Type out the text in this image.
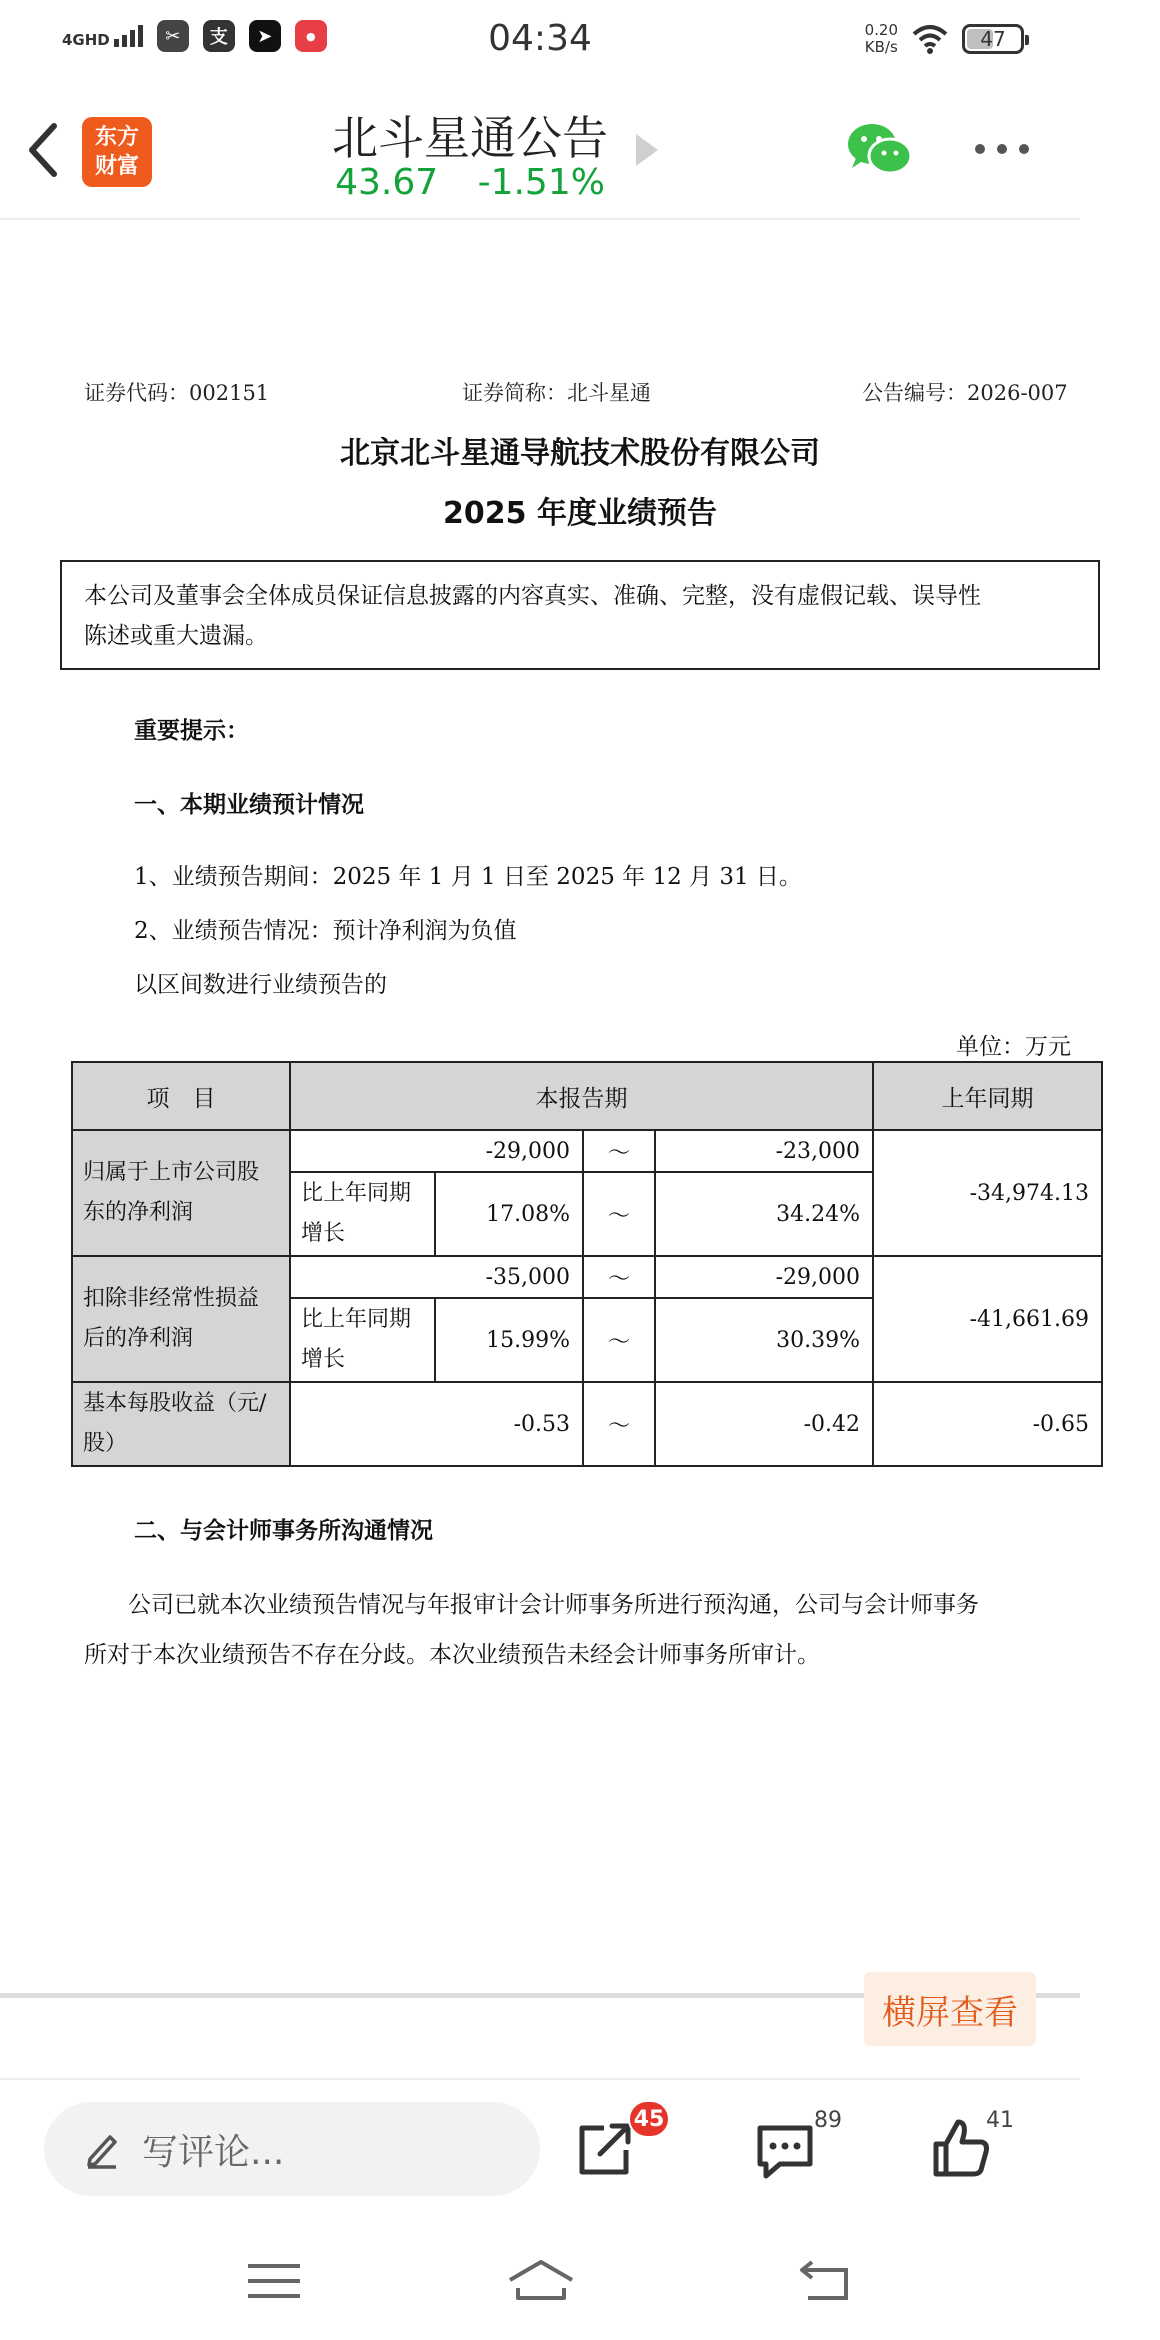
4GHD	✂	支	➤	●	04:34	0.20
KB/s	47
东方
财富
北斗星通公告
43.67 -1.51%
证券代码：002151	证券简称：北斗星通	公告编号：2026-007
北京北斗星通导航技术股份有限公司
2025 年度业绩预告
本公司及董事会全体成员保证信息披露的内容真实、准确、完整，没有虚假记载、误导性
陈述或重大遗漏。
重要提示：
一、本期业绩预计情况
1、业绩预告期间：2025 年 1 月 1 日至 2025 年 12 月 31 日。
2、业绩预告情况：预计净利润为负值
以区间数进行业绩预告的
单位：万元
项　目	本报告期				上年同期
归属于上市公司股东的净利润	-29,000		～	-23,000	-34,974.13
	比上年同期增长	17.08%	～	34.24%	
扣除非经常性损益后的净利润	-35,000		～	-29,000	-41,661.69
	比上年同期增长	15.99%	～	30.39%	
基本每股收益（元/股）	-0.53		～	-0.42	-0.65
二、与会计师事务所沟通情况
公司已就本次业绩预告情况与年报审计会计师事务所进行预沟通，公司与会计师事务
所对于本次业绩预告不存在分歧。本次业绩预告未经会计师事务所审计。
横屏查看
写评论...
45	89	41
